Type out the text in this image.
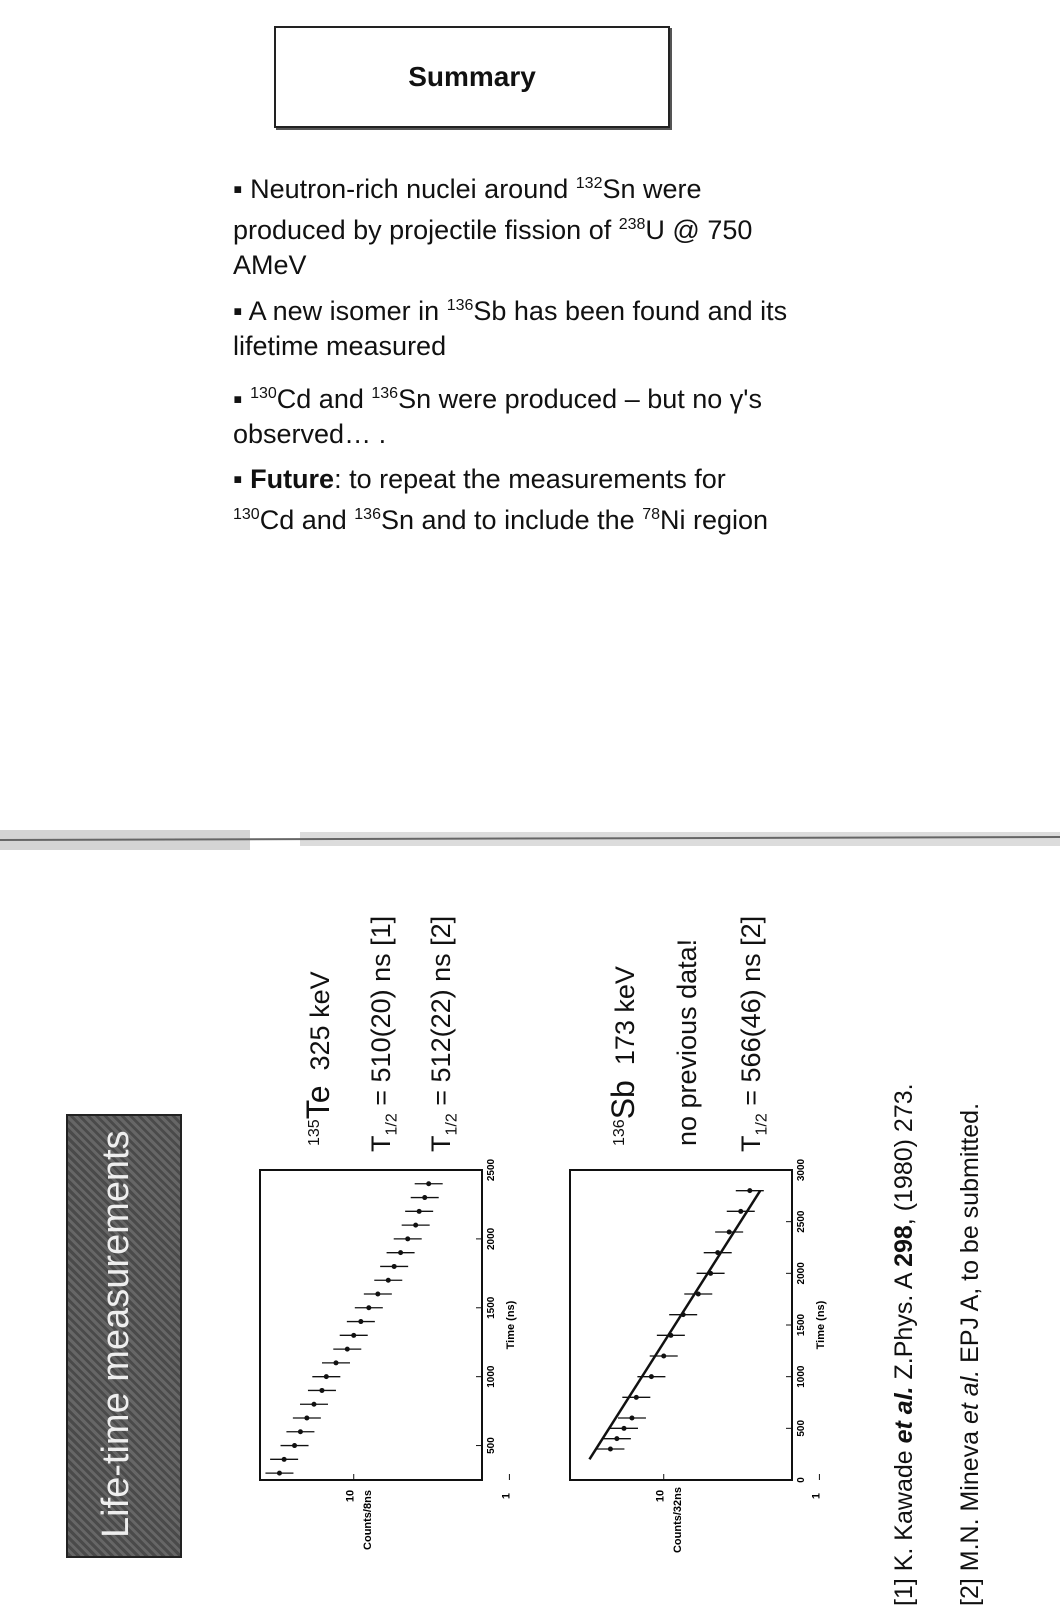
Summary
▪ Neutron-rich nuclei around $^{132}$Sn were produced by projectile fission of $^{238}$U @ 750 AMeV
▪ A new isomer in $^{136}$Sb has been found and its lifetime measured
▪ $^{130}$Cd and $^{136}$Sn were produced – but no γ's observed… .
▪ Future: to repeat the measurements for $^{130}$Cd and $^{136}$Sn and to include the $^{78}$Ni region
Life-time measurements	$^{135}$Te  325 keV
$T_{1/2} = 510(20)$ ns [1]
$T_{1/2} = 512(22)$ ns [2]
$^{136}$Sb  173 keV no previous data! $T_{1/2} = 566(46)$ ns [2]
[1] K. Kawade et al. Z.Phys. A 298, (1980) 273.
[2] M.N. Mineva et al. EPJ A, to be submitted.
500
1000
1500
2000
2500
10	1
Time (ns)
Counts/8ns
0
500
1000
1500
2000
2500
3000
10	1
Time (ns)
Counts/32ns
